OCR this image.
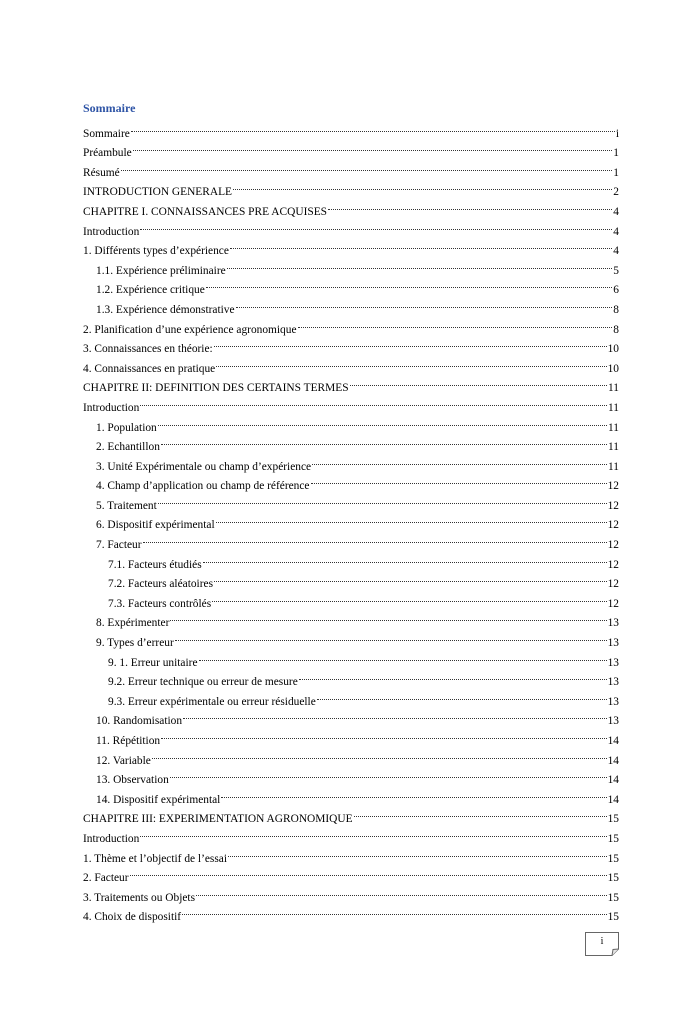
Sommaire
Sommaire	i
Préambule	1
Résumé	1
INTRODUCTION GENERALE	2
CHAPITRE I. CONNAISSANCES PRE ACQUISES	4
Introduction	4
1. Différents types d’expérience	4
1.1. Expérience préliminaire	5
1.2. Expérience critique	6
1.3. Expérience démonstrative	8
2. Planification d’une expérience agronomique	8
3. Connaissances en théorie:	10
4. Connaissances en pratique	10
CHAPITRE II: DEFINITION DES CERTAINS TERMES	11
Introduction	11
1. Population	11
2. Echantillon	11
3. Unité Expérimentale ou champ d’expérience	11
4. Champ d’application ou champ de référence	12
5. Traitement	12
6. Dispositif expérimental	12
7. Facteur	12
7.1. Facteurs étudiés	12
7.2. Facteurs aléatoires	12
7.3. Facteurs contrôlés	12
8. Expérimenter	13
9. Types d’erreur	13
9. 1. Erreur unitaire	13
9.2. Erreur technique ou erreur de mesure	13
9.3. Erreur expérimentale ou erreur résiduelle	13
10. Randomisation	13
11. Répétition	14
12. Variable	14
13. Observation	14
14. Dispositif expérimental	14
CHAPITRE III: EXPERIMENTATION AGRONOMIQUE	15
Introduction	15
1. Thème et l’objectif de l’essai	15
2. Facteur	15
3. Traitements ou Objets	15
4. Choix de dispositif	15
i
